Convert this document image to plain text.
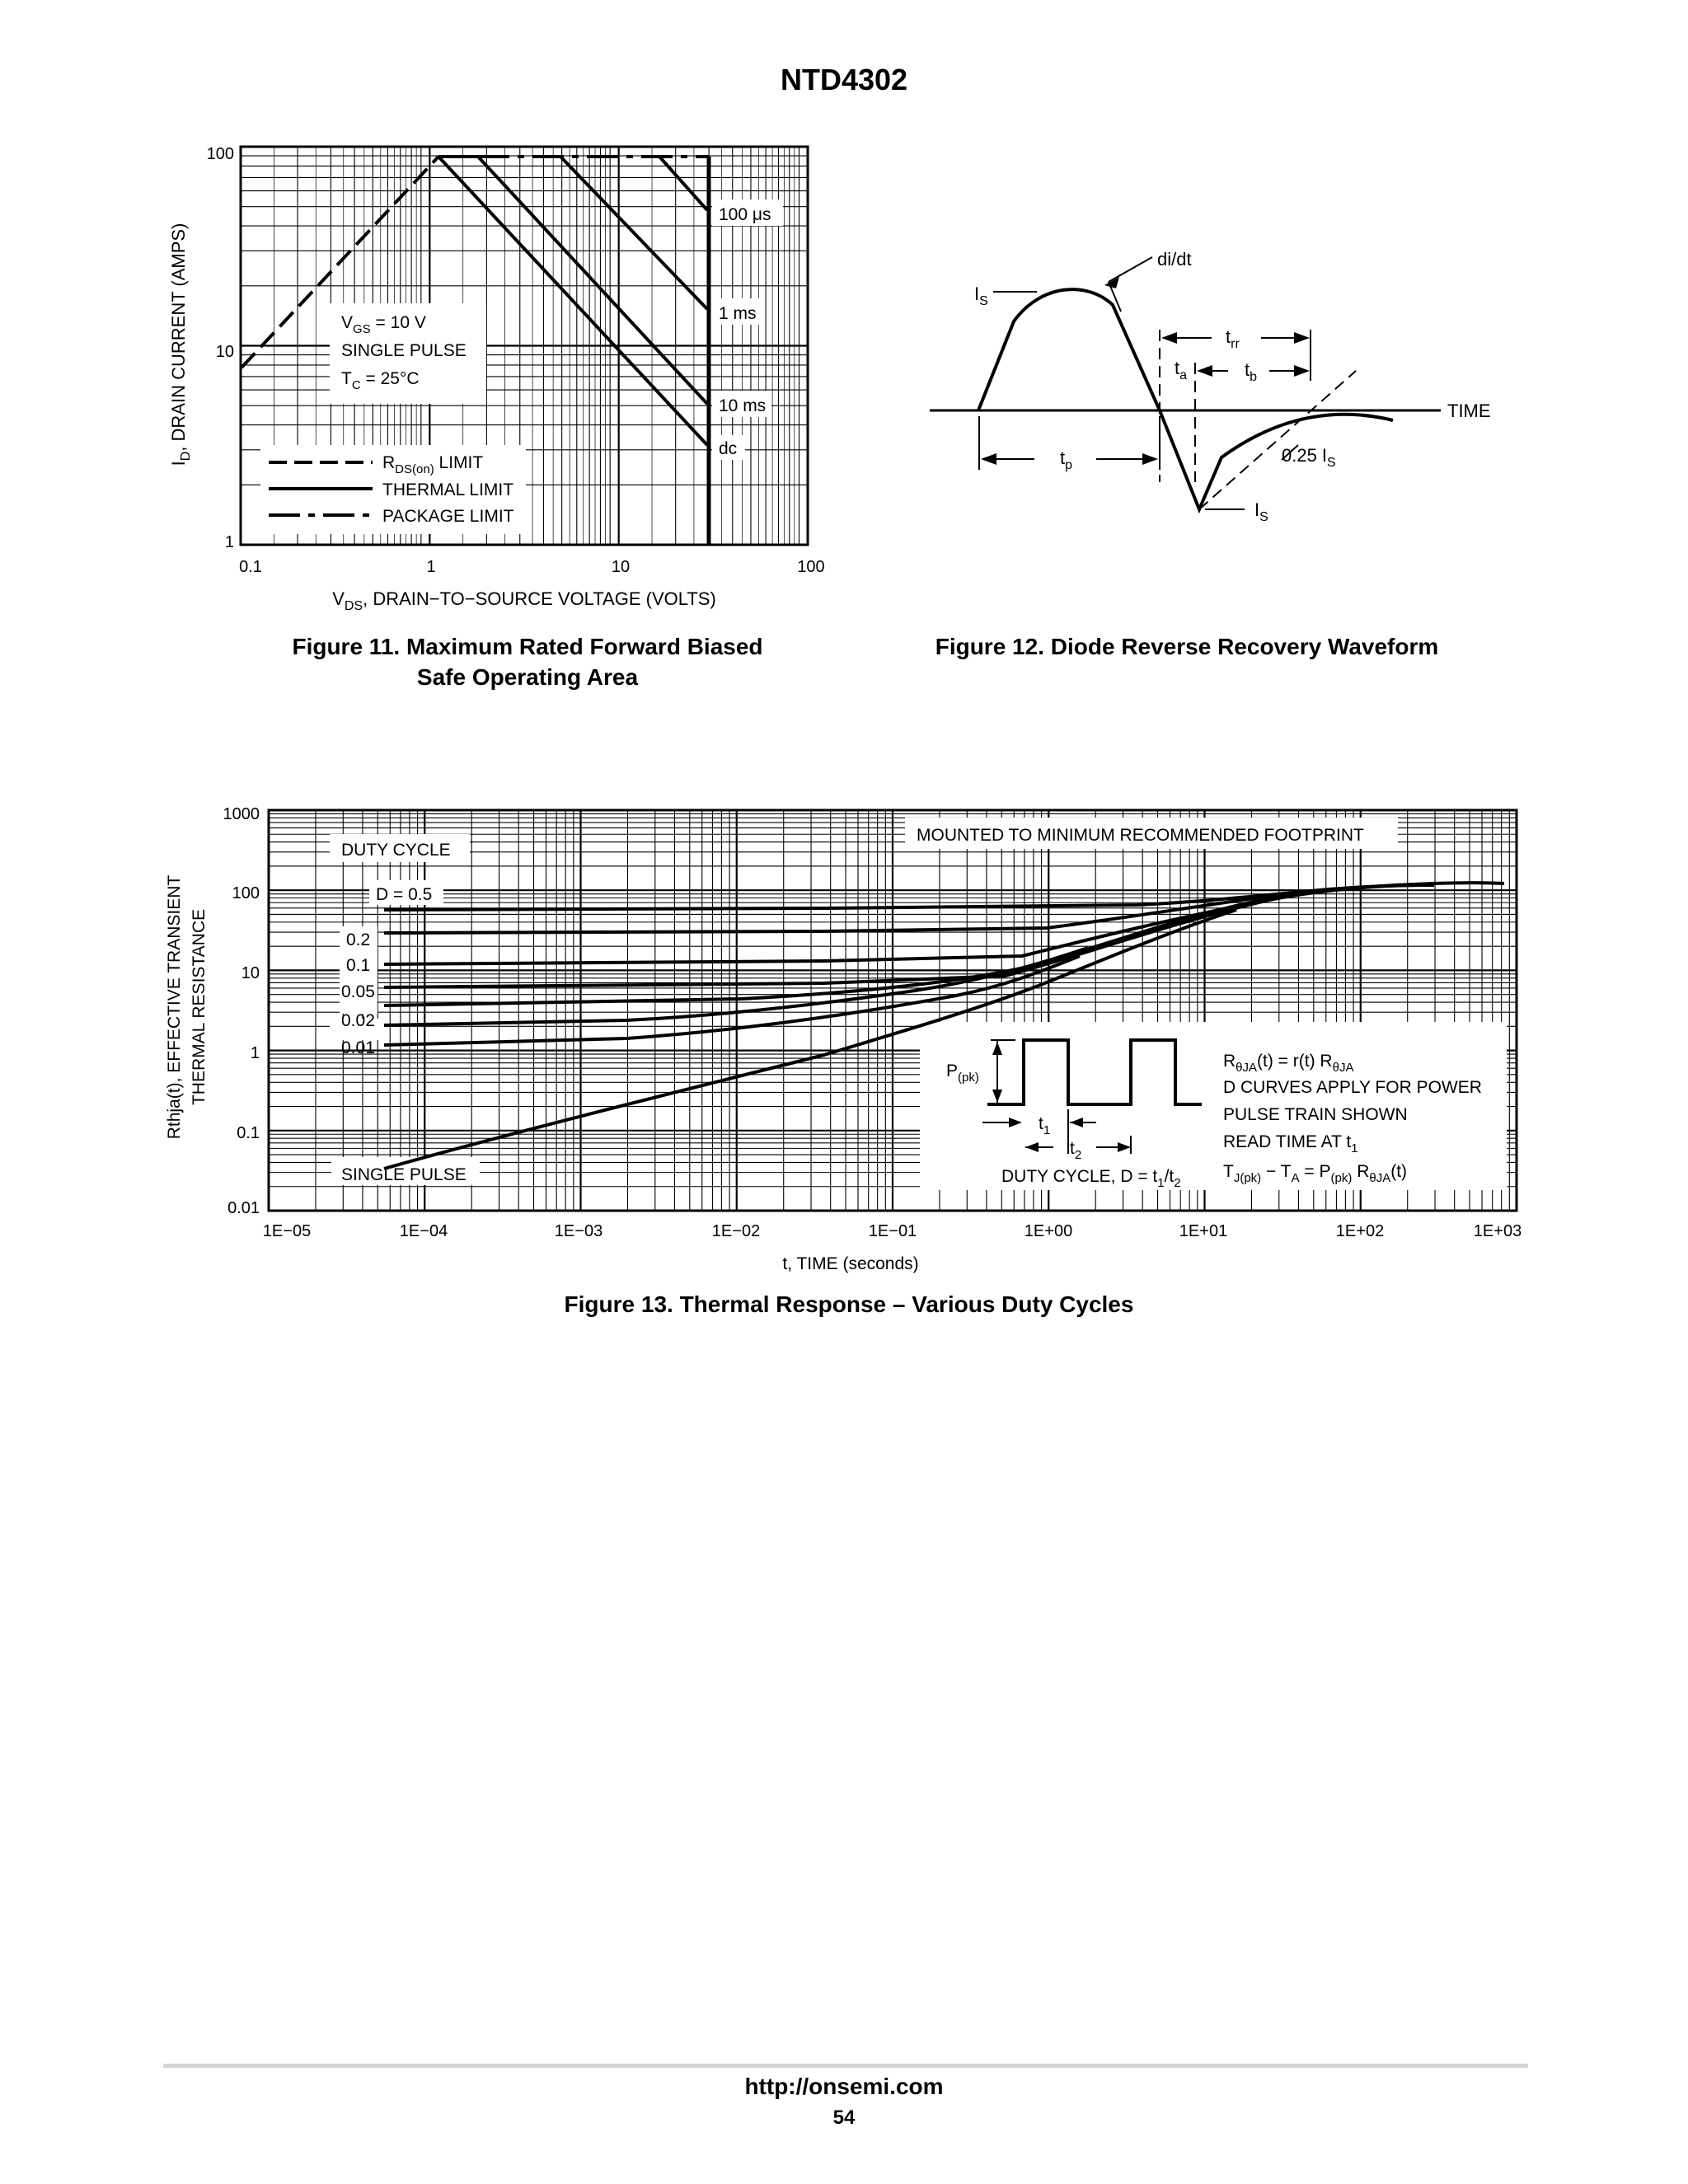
NTD4302
100
10
1
0.1	1	10	100
$I_D$, DRAIN CURRENT (AMPS)
$V_{DS}$, DRAIN−TO−SOURCE VOLTAGE (VOLTS)
$V_{GS} = 10$ V
SINGLE PULSE
$T_C = 25^\circ C$
$R_{DS(on)}$ LIMIT
THERMAL LIMIT
PACKAGE LIMIT
100 μs
1 ms
10 ms
dc
$I_S$
di/dt
$t_{rr}$
$t_a$	$t_b$
TIME
$t_p$	0.25 $I_S$
$I_S$
1000
100
10
1
0.1
0.01
1E−05	1E−04	1E−03	1E−02	1E−01	1E+00	1E+01	1E+02	1E+03
Rthja(t), EFFECTIVE TRANSIENT THERMAL RESISTANCE
t, TIME (seconds)
DUTY CYCLE
MOUNTED TO MINIMUM RECOMMENDED FOOTPRINT
D = 0.5
0.2
0.1
0.05
0.02
0.01
SINGLE PULSE
$P_{(pk)}$
$t_1$
$t_2$
DUTY CYCLE, $D = t_1/t_2$
$R_{\theta JA}(t) = r(t)$ $R_{\theta JA}$
D CURVES APPLY FOR POWER
PULSE TRAIN SHOWN
READ TIME AT $t_1$
$T_{J(pk)} - T_A = P_{(pk)}$ $R_{\theta JA}(t)$
Figure 11. Maximum Rated Forward Biased
Safe Operating Area
Figure 12. Diode Reverse Recovery Waveform
Figure 13. Thermal Response – Various Duty Cycles
http://onsemi.com
54
